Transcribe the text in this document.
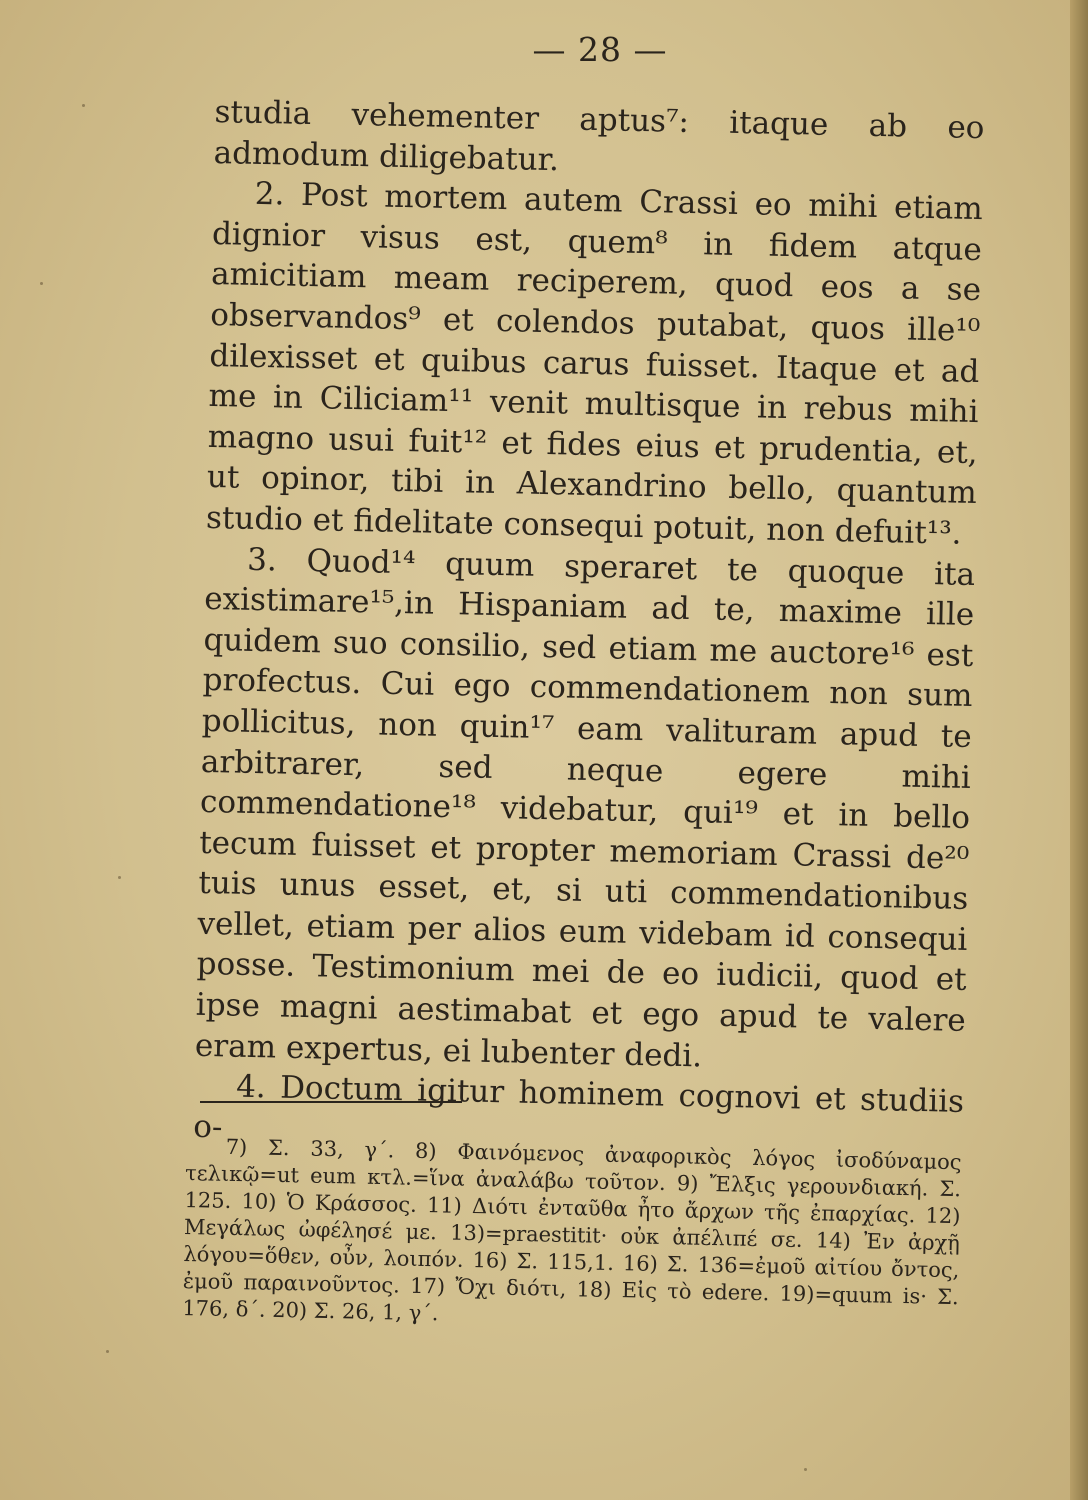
— 28 —

studia vehementer aptus⁷: itaque ab eo admodum diligebatur.

2. Post mortem autem Crassi eo mihi etiam dignior visus est, quem⁸ in fidem atque amicitiam meam reciperem, quod eos a se observandos⁹ et colendos putabat, quos ille¹⁰ dilexisset et quibus carus fuisset. Itaque et ad me in Ciliciam¹¹ venit multisque in rebus mihi magno usui fuit¹² et fides eius et prudentia, et, ut opinor, tibi in Alexandrino bello, quantum studio et fidelitate consequi potuit, non defuit¹³.

3. Quod¹⁴ quum speraret te quoque ita existimare¹⁵,in Hispaniam ad te, maxime ille quidem suo consilio, sed etiam me auctore¹⁶ est profectus. Cui ego commendationem non sum pollicitus, non quin¹⁷ eam valituram apud te arbitrarer, sed neque egere mihi commendatione¹⁸ videbatur, qui¹⁹ et in bello tecum fuisset et propter memoriam Crassi de²⁰ tuis unus esset, et, si uti commendationibus vellet, etiam per alios eum videbam id consequi posse. Testimonium mei de eo iudicii, quod et ipse magni aestimabat et ego apud te valere eram expertus, ei lubenter dedi.

4. Doctum igitur hominem cognovi et studiis o-

7) Σ. 33, γ΄. 8) Φαινόμενος ἀναφορικὸς λόγος ἰσοδύναμος τελικῷ=ut eum κτλ.=ἵνα ἀναλάβω τοῦτον. 9) Ἔλξις γερουνδιακή. Σ. 125. 10) Ὁ Κράσσος. 11) Διότι ἐνταῦθα ἦτο ἄρχων τῆς ἐπαρχίας. 12) Μεγάλως ὠφέλησέ με. 13)=praestitit· οὐκ ἀπέλιπέ σε. 14) Ἐν ἀρχῇ λόγου=ὅθεν, οὖν, λοιπόν. 16) Σ. 115,1. 16) Σ. 136=ἐμοῦ αἰτίου ὄντος, ἐμοῦ παραινοῦντος. 17) Ὄχι διότι, 18) Εἰς τὸ edere. 19)=quum is· Σ. 176, δ΄. 20) Σ. 26, 1, γ΄.
